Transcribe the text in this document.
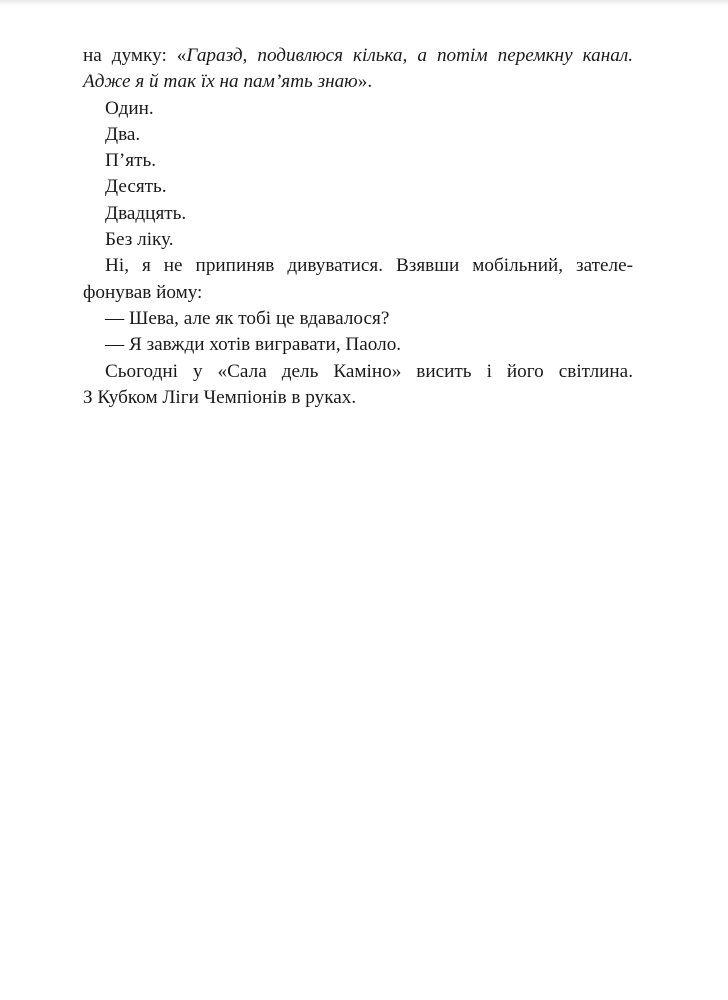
на думку: «Гаразд, подивлюся кілька, а потім перемкну канал.
Адже я й так їх на пам’ять знаю».
Один.
Два.
П’ять.
Десять.
Двадцять.
Без ліку.
Ні, я не припиняв дивуватися. Взявши мобільний, зателе-
фонував йому:
— Шева, але як тобі це вдавалося?
— Я завжди хотів вигравати, Паоло.
Сьогодні у «Сала дель Каміно» висить і його світлина.
З Кубком Ліги Чемпіонів в руках.
